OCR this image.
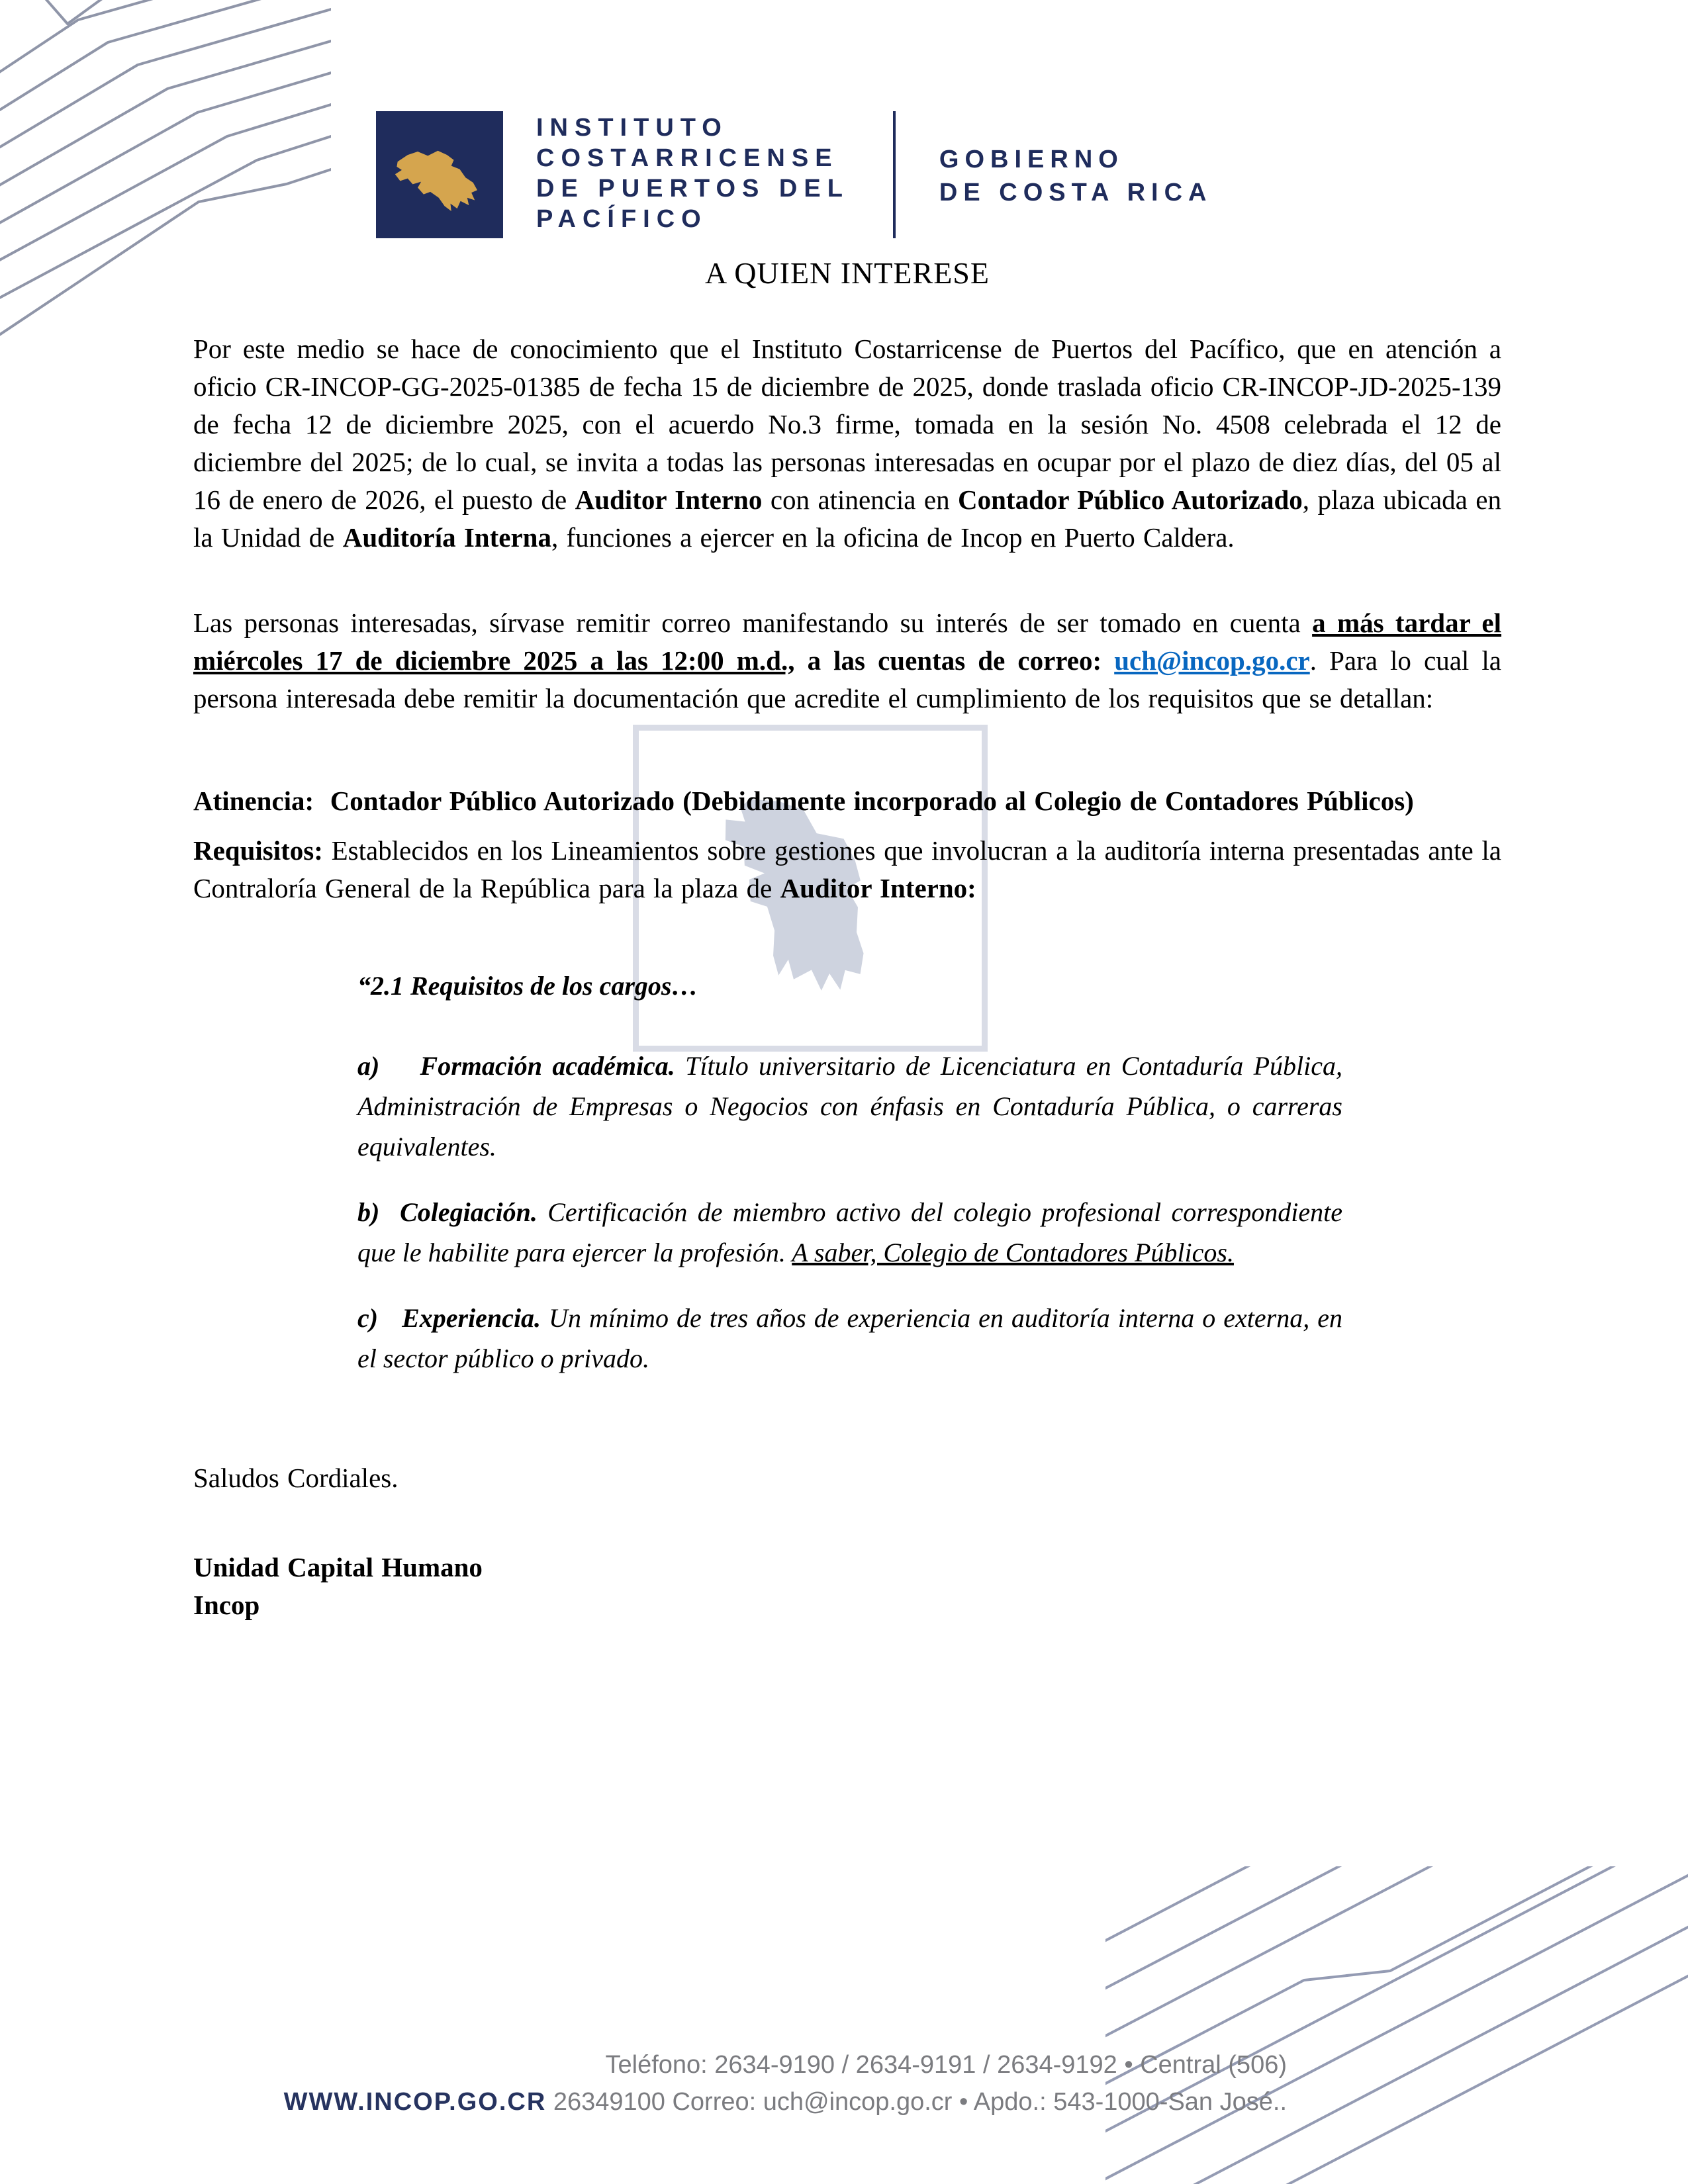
INSTITUTO
COSTARRICENSE
DE PUERTOS DEL
PACÍFICO
GOBIERNO
DE COSTA RICA
A QUIEN INTERESE
Por este medio se hace de conocimiento que el Instituto Costarricense de Puertos del Pacífico, que en atención a oficio CR-INCOP-GG-2025-01385 de fecha 15 de diciembre de 2025, donde traslada oficio CR-INCOP-JD-2025-139 de fecha 12 de diciembre 2025, con el acuerdo No.3 firme, tomada en la sesión No. 4508 celebrada el 12 de diciembre del 2025; de lo cual, se invita a todas las personas interesadas en ocupar por el plazo de diez días, del 05 al 16 de enero de 2026, el puesto de Auditor Interno con atinencia en Contador Público Autorizado, plaza ubicada en la Unidad de Auditoría Interna, funciones a ejercer en la oficina de Incop en Puerto Caldera.
Las personas interesadas, sírvase remitir correo manifestando su interés de ser tomado en cuenta a más tardar el miércoles 17 de diciembre 2025 a las 12:00 m.d., a las cuentas de correo: uch@incop.go.cr. Para lo cual la persona interesada debe remitir la documentación que acredite el cumplimiento de los requisitos que se detallan:
Atinencia:  Contador Público Autorizado (Debidamente incorporado al Colegio de Contadores Públicos)
Requisitos: Establecidos en los Lineamientos sobre gestiones que involucran a la auditoría interna presentadas ante la Contraloría General de la República para la plaza de Auditor Interno:
“2.1 Requisitos de los cargos…
a)    Formación académica. Título universitario de Licenciatura en Contaduría Pública, Administración de Empresas o Negocios con énfasis en Contaduría Pública, o carreras equivalentes.
b)  Colegiación. Certificación de miembro activo del colegio profesional correspondiente que le habilite para ejercer la profesión. A saber, Colegio de Contadores Públicos.
c)   Experiencia. Un mínimo de tres años de experiencia en auditoría interna o externa, en el sector público o privado.
Saludos Cordiales.
Unidad Capital Humano
Incop
Teléfono: 2634-9190 / 2634-9191 / 2634-9192 • Central (506)
WWW.INCOP.GO.CR 26349100 Correo: uch@incop.go.cr • Apdo.: 543-1000-San José..
